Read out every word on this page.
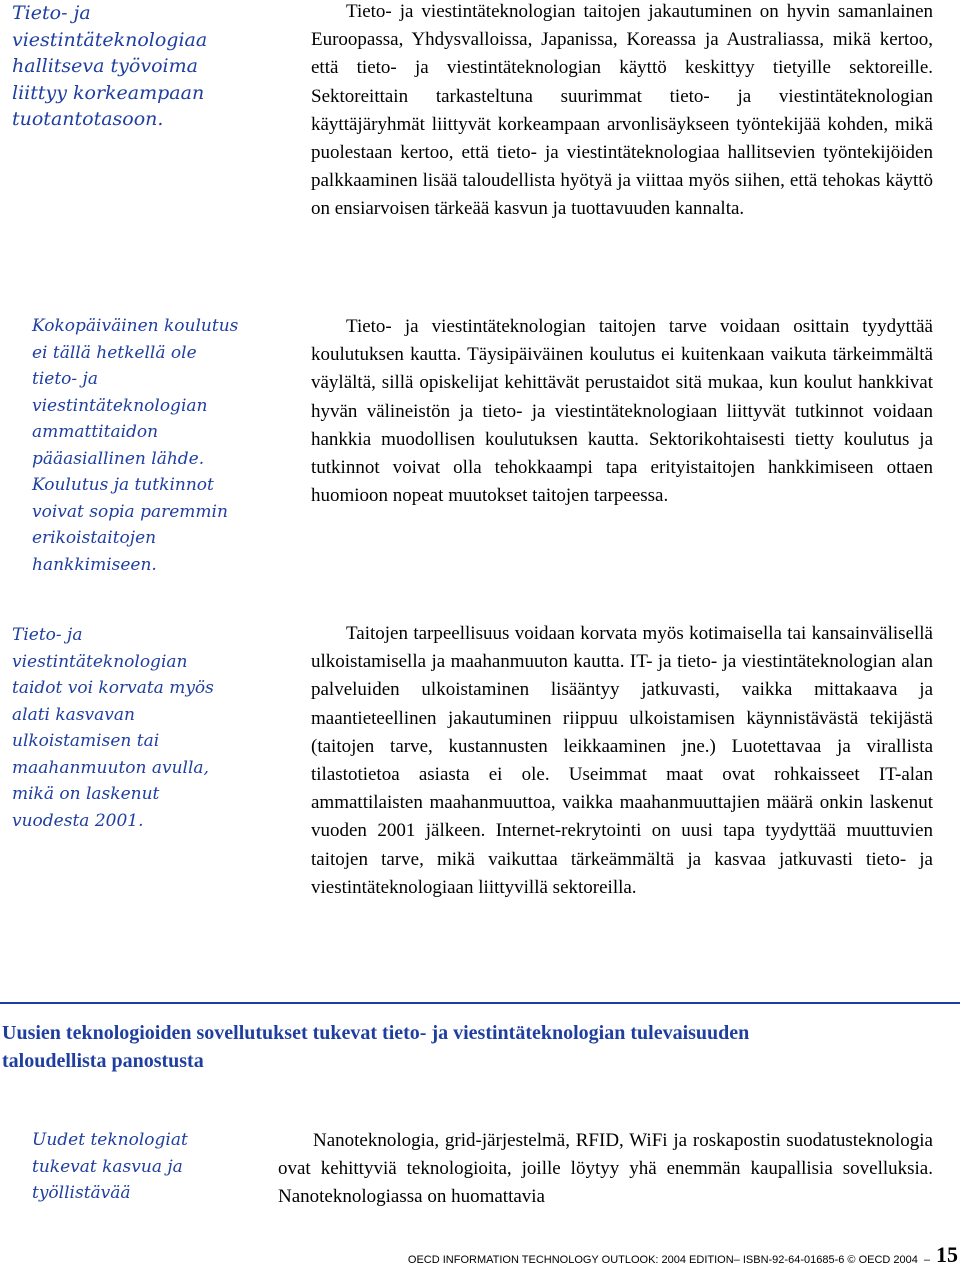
Tieto- ja viestintäteknologiaa hallitseva työvoima liittyy korkeampaan tuotantotasoon.

Tieto- ja viestintäteknologian taitojen jakautuminen on hyvin samanlainen Euroopassa, Yhdysvalloissa, Japanissa, Koreassa ja Australiassa, mikä kertoo, että tieto- ja viestintäteknologian käyttö keskittyy tietyille sektoreille. Sektoreittain tarkasteltuna suurimmat tieto- ja viestintäteknologian käyttäjäryhmät liittyvät korkeampaan arvonlisäykseen työntekijää kohden, mikä puolestaan kertoo, että tieto- ja viestintäteknologiaa hallitsevien työntekijöiden palkkaaminen lisää taloudellista hyötyä ja viittaa myös siihen, että tehokas käyttö on ensiarvoisen tärkeää kasvun ja tuottavuuden kannalta.

Kokopäiväinen koulutus ei tällä hetkellä ole tieto- ja viestintäteknologian ammattitaidon pääasiallinen lähde. Koulutus ja tutkinnot voivat sopia paremmin erikoistaitojen hankkimiseen.

Tieto- ja viestintäteknologian taitojen tarve voidaan osittain tyydyttää koulutuksen kautta. Täysipäiväinen koulutus ei kuitenkaan vaikuta tärkeimmältä väylältä, sillä opiskelijat kehittävät perustaidot sitä mukaa, kun koulut hankkivat hyvän välineistön ja tieto- ja viestintäteknologiaan liittyvät tutkinnot voidaan hankkia muodollisen koulutuksen kautta. Sektorikohtaisesti tietty koulutus ja tutkinnot voivat olla tehokkaampi tapa erityistaitojen hankkimiseen ottaen huomioon nopeat muutokset taitojen tarpeessa.

Tieto- ja viestintäteknologian taidot voi korvata myös alati kasvavan ulkoistamisen tai maahanmuuton avulla, mikä on laskenut vuodesta 2001.

Taitojen tarpeellisuus voidaan korvata myös kotimaisella tai kansainvälisellä ulkoistamisella ja maahanmuuton kautta. IT- ja tieto- ja viestintäteknologian alan palveluiden ulkoistaminen lisääntyy jatkuvasti, vaikka mittakaava ja maantieteellinen jakautuminen riippuu ulkoistamisen käynnistävästä tekijästä (taitojen tarve, kustannusten leikkaaminen jne.) Luotettavaa ja virallista tilastotietoa asiasta ei ole. Useimmat maat ovat rohkaisseet IT-alan ammattilaisten maahanmuuttoa, vaikka maahanmuuttajien määrä onkin laskenut vuoden 2001 jälkeen. Internet-rekrytointi on uusi tapa tyydyttää muuttuvien taitojen tarve, mikä vaikuttaa tärkeämmältä ja kasvaa jatkuvasti tieto- ja viestintäteknologiaan liittyvillä sektoreilla.

Uusien teknologioiden sovellutukset tukevat tieto- ja viestintäteknologian tulevaisuuden taloudellista panostusta

Uudet teknologiat tukevat kasvua ja työllistävää

Nanoteknologia, grid-järjestelmä, RFID, WiFi ja roskapostin suodatusteknologia ovat kehittyviä teknologioita, joille löytyy yhä enemmän kaupallisia sovelluksia. Nanoteknologiassa on huomattavia

OECD INFORMATION TECHNOLOGY OUTLOOK: 2004 EDITION– ISBN-92-64-01685-6 © OECD 2004 – 15
